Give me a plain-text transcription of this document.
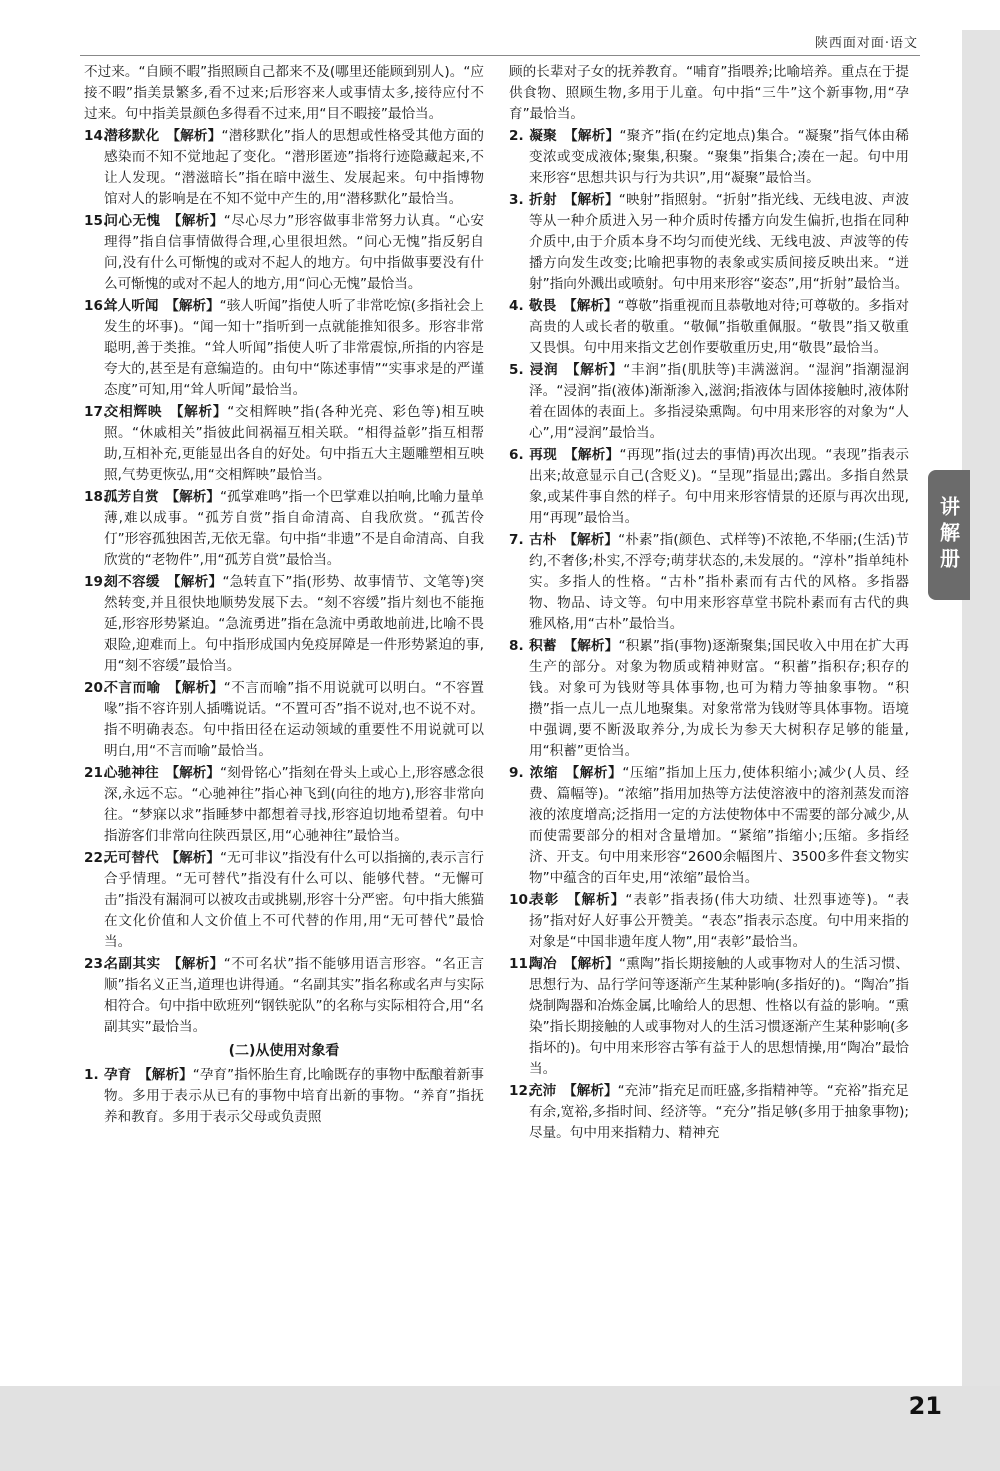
陕西面对面·语文
讲解册

不过来。“自顾不暇”指照顾自己都来不及(哪里还能顾到别人)。“应接不暇”指美景繁多,看不过来;后形容来人或事情太多,接待应付不过来。句中指美景颜色多得看不过来,用“目不暇接”最恰当。

14.潜移默化　 【解析】“潜移默化”指人的思想或性格受其他方面的感染而不知不觉地起了变化。“潜形匿迹”指将行迹隐藏起来,不让人发现。“潜滋暗长”指在暗中滋生、发展起来。句中指博物馆对人的影响是在不知不觉中产生的,用“潜移默化”最恰当。

15.问心无愧　 【解析】“尽心尽力”形容做事非常努力认真。“心安理得”指自信事情做得合理,心里很坦然。“问心无愧”指反躬自问,没有什么可惭愧的或对不起人的地方。句中指做事要没有什么可惭愧的或对不起人的地方,用“问心无愧”最恰当。

16.耸人听闻　 【解析】“骇人听闻”指使人听了非常吃惊(多指社会上发生的坏事)。“闻一知十”指听到一点就能推知很多。形容非常聪明,善于类推。“耸人听闻”指使人听了非常震惊,所指的内容是夸大的,甚至是有意编造的。由句中“陈述事情”“实事求是的严谨态度”可知,用“耸人听闻”最恰当。

17.交相辉映　 【解析】“交相辉映”指(各种光亮、彩色等)相互映照。“休戚相关”指彼此间祸福互相关联。“相得益彰”指互相帮助,互相补充,更能显出各自的好处。句中指五大主题雕塑相互映照,气势更恢弘,用“交相辉映”最恰当。

18.孤芳自赏　 【解析】“孤掌难鸣”指一个巴掌难以拍响,比喻力量单薄,难以成事。“孤芳自赏”指自命清高、自我欣赏。“孤苦伶仃”形容孤独困苦,无依无靠。句中指“非遗”不是自命清高、自我欣赏的“老物件”,用“孤芳自赏”最恰当。

19.刻不容缓　 【解析】“急转直下”指(形势、故事情节、文笔等)突然转变,并且很快地顺势发展下去。“刻不容缓”指片刻也不能拖延,形容形势紧迫。“急流勇进”指在急流中勇敢地前进,比喻不畏艰险,迎难而上。句中指形成国内免疫屏障是一件形势紧迫的事,用“刻不容缓”最恰当。

20.不言而喻　 【解析】“不言而喻”指不用说就可以明白。“不容置喙”指不容许别人插嘴说话。“不置可否”指不说对,也不说不对。指不明确表态。句中指田径在运动领域的重要性不用说就可以明白,用“不言而喻”最恰当。

21.心驰神往　 【解析】“刻骨铭心”指刻在骨头上或心上,形容感念很深,永远不忘。“心驰神往”指心神飞到(向往的地方),形容非常向往。“梦寐以求”指睡梦中都想着寻找,形容迫切地希望着。句中指游客们非常向往陕西景区,用“心驰神往”最恰当。

22.无可替代　 【解析】“无可非议”指没有什么可以指摘的,表示言行合乎情理。“无可替代”指没有什么可以、能够代替。“无懈可击”指没有漏洞可以被攻击或挑剔,形容十分严密。句中指大熊猫在文化价值和人文价值上不可代替的作用,用“无可替代”最恰当。

23.名副其实　 【解析】“不可名状”指不能够用语言形容。“名正言顺”指名义正当,道理也讲得通。“名副其实”指名称或名声与实际相符合。句中指中欧班列“钢铁驼队”的名称与实际相符合,用“名副其实”最恰当。

(二)从使用对象看

1. 孕育　 【解析】“孕育”指怀胎生育,比喻既存的事物中酝酿着新事物。多用于表示从已有的事物中培育出新的事物。“养育”指抚养和教育。多用于表示父母或负责照

顾的长辈对子女的抚养教育。“哺育”指喂养;比喻培养。重点在于提供食物、照顾生物,多用于儿童。句中指“三牛”这个新事物,用“孕育”最恰当。

2. 凝聚　 【解析】“聚齐”指(在约定地点)集合。“凝聚”指气体由稀变浓或变成液体;聚集,积聚。“聚集”指集合;凑在一起。句中用来形容“思想共识与行为共识”,用“凝聚”最恰当。

3. 折射　 【解析】“映射”指照射。“折射”指光线、无线电波、声波等从一种介质进入另一种介质时传播方向发生偏折,也指在同种介质中,由于介质本身不均匀而使光线、无线电波、声波等的传播方向发生改变;比喻把事物的表象或实质间接反映出来。“迸射”指向外溅出或喷射。句中用来形容“姿态”,用“折射”最恰当。

4. 敬畏　 【解析】“尊敬”指重视而且恭敬地对待;可尊敬的。多指对高贵的人或长者的敬重。“敬佩”指敬重佩服。“敬畏”指又敬重又畏惧。句中用来指文艺创作要敬重历史,用“敬畏”最恰当。

5. 浸润　 【解析】“丰润”指(肌肤等)丰满滋润。“湿润”指潮湿润泽。“浸润”指(液体)渐渐渗入,滋润;指液体与固体接触时,液体附着在固体的表面上。多指浸染熏陶。句中用来形容的对象为“人心”,用“浸润”最恰当。

6. 再现　 【解析】“再现”指(过去的事情)再次出现。“表现”指表示出来;故意显示自己(含贬义)。“呈现”指显出;露出。多指自然景象,或某件事自然的样子。句中用来形容情景的还原与再次出现,用“再现”最恰当。

7. 古朴　 【解析】“朴素”指(颜色、式样等)不浓艳,不华丽;(生活)节约,不奢侈;朴实,不浮夸;萌芽状态的,未发展的。“淳朴”指单纯朴实。多指人的性格。“古朴”指朴素而有古代的风格。多指器物、物品、诗文等。句中用来形容草堂书院朴素而有古代的典雅风格,用“古朴”最恰当。

8. 积蓄　 【解析】“积累”指(事物)逐渐聚集;国民收入中用在扩大再生产的部分。对象为物质或精神财富。“积蓄”指积存;积存的钱。对象可为钱财等具体事物,也可为精力等抽象事物。“积攒”指一点儿一点儿地聚集。对象常常为钱财等具体事物。语境中强调,要不断汲取养分,为成长为参天大树积存足够的能量,用“积蓄”更恰当。

9. 浓缩　 【解析】“压缩”指加上压力,使体积缩小;减少(人员、经费、篇幅等)。“浓缩”指用加热等方法使溶液中的溶剂蒸发而溶液的浓度增高;泛指用一定的方法使物体中不需要的部分减少,从而使需要部分的相对含量增加。“紧缩”指缩小;压缩。多指经济、开支。句中用来形容“2600余幅图片、3500多件套文物实物”中蕴含的百年史,用“浓缩”最恰当。

10.表彰　 【解析】“表彰”指表扬(伟大功绩、壮烈事迹等)。“表扬”指对好人好事公开赞美。“表态”指表示态度。句中用来指的对象是“中国非遗年度人物”,用“表彰”最恰当。

11.陶冶　 【解析】“熏陶”指长期接触的人或事物对人的生活习惯、思想行为、品行学问等逐渐产生某种影响(多指好的)。“陶冶”指烧制陶器和冶炼金属,比喻给人的思想、性格以有益的影响。“熏染”指长期接触的人或事物对人的生活习惯逐渐产生某种影响(多指坏的)。句中用来形容古筝有益于人的思想情操,用“陶冶”最恰当。

12.充沛　 【解析】“充沛”指充足而旺盛,多指精神等。“充裕”指充足有余,宽裕,多指时间、经济等。“充分”指足够(多用于抽象事物);尽量。句中用来指精力、精神充

21
